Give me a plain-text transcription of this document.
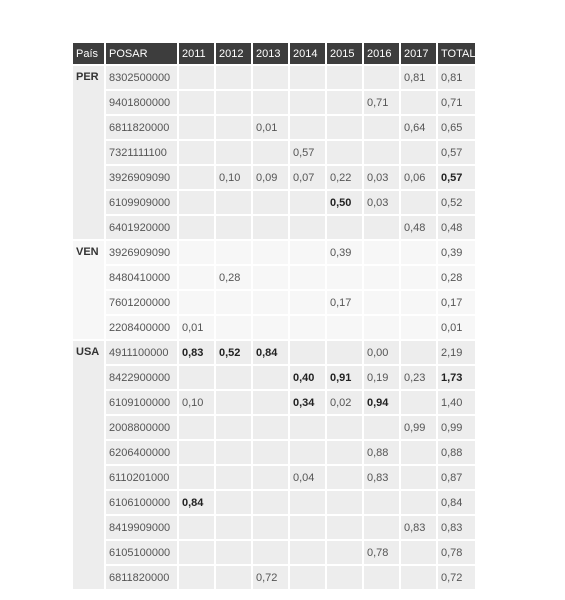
País	POSAR	2011	2012	2013	2014	2015	2016	2017	TOTAL
PER	8302500000							0,81	0,81
	9401800000						0,71		0,71
	6811820000			0,01				0,64	0,65
	7321111100				0,57				0,57
	3926909090		0,10	0,09	0,07	0,22	0,03	0,06	0,57
	6109909000					0,50	0,03		0,52
	6401920000							0,48	0,48
VEN	3926909090					0,39			0,39
	8480410000		0,28						0,28
	7601200000					0,17			0,17
	2208400000	0,01							0,01
USA	4911100000	0,83	0,52	0,84			0,00		2,19
	8422900000				0,40	0,91	0,19	0,23	1,73
	6109100000	0,10			0,34	0,02	0,94		1,40
	2008800000							0,99	0,99
	6206400000						0,88		0,88
	6110201000				0,04		0,83		0,87
	6106100000	0,84							0,84
	8419909000							0,83	0,83
	6105100000						0,78		0,78
	6811820000			0,72					0,72
